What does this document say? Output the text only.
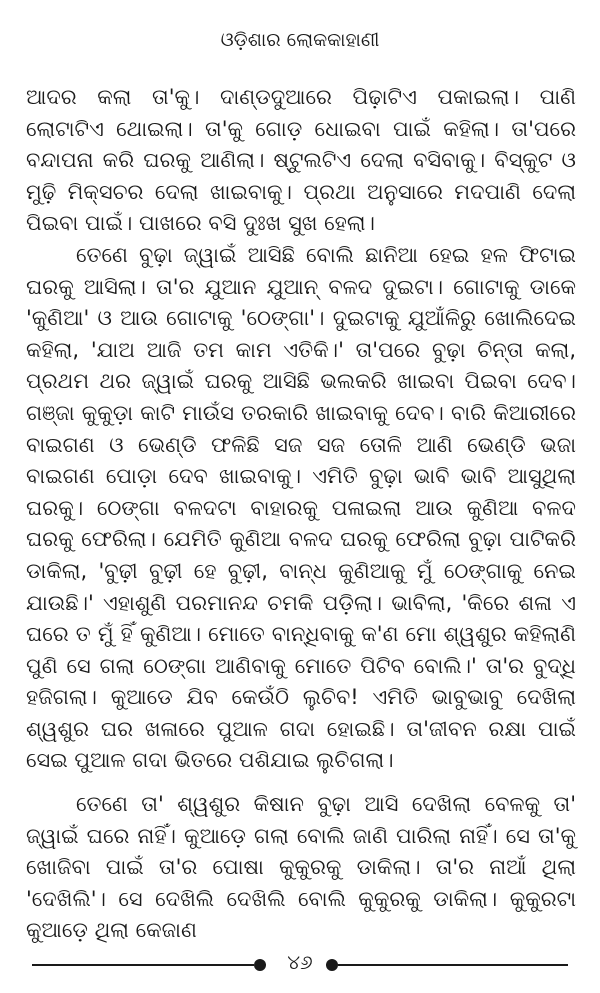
ଓଡ଼ିଶାର ଲୋକକାହାଣୀ

ଆଦର କଲା ତା'କୁ। ଦାଣ୍ଡଦୁଆରେ ପିଢ଼ାଟିଏ ପକାଇଲା। ପାଣି ଲୋଟାଟିଏ ଥୋଇଲା। ତା'କୁ ଗୋଡ଼ ଧୋଇବା ପାଇଁ କହିଲା। ତା'ପରେ ବନ୍ଦାପନା କରି ଘରକୁ ଆଣିଲା। ଷ୍ଟୁଲଟିଏ ଦେଲା ବସିବାକୁ। ବିସ୍କୁଟ ଓ ମୁଢ଼ି ମିକ୍ସଚର ଦେଲା ଖାଇବାକୁ। ପ୍ରଥା ଅନୁସାରେ ମଦପାଣି ଦେଲା ପିଇବା ପାଇଁ। ପାଖରେ ବସି ଦୁଃଖ ସୁଖ ହେଲା।

ତେଣେ ବୁଢ଼ା ଜ୍ୱାଇଁ ଆସିଛି ବୋଲି ଛାନିଆ ହେଇ ହଳ ଫିଟାଇ ଘରକୁ ଆସିଲା। ତା'ର ଯୁଆନ ଯୁଆନ୍ ବଳଦ ଦୁଇଟା। ଗୋଟାକୁ ଡାକେ 'କୁଣିଆ' ଓ ଆଉ ଗୋଟାକୁ 'ଠେଙ୍ଗା'। ଦୁଇଟାକୁ ଯୁଆଁଳିରୁ ଖୋଲିଦେଇ କହିଲା, 'ଯାଅ ଆଜି ତମ କାମ ଏତିକି।' ତା'ପରେ ବୁଢ଼ା ଚିନ୍ତା କଲା, ପ୍ରଥମ ଥର ଜ୍ୱାଇଁ ଘରକୁ ଆସିଛି ଭଲକରି ଖାଇବା ପିଇବା ଦେବ। ଗଞ୍ଜା କୁକୁଡ଼ା କାଟି ମାଉଁସ ତରକାରି ଖାଇବାକୁ ଦେବ। ବାରି କିଆରୀରେ ବାଇଗଣ ଓ ଭେଣ୍ଡି ଫଳିଛି ସଜ ସଜ ତୋଳି ଆଣି ଭେଣ୍ଡି ଭଜା ବାଇଗଣ ପୋଡ଼ା ଦେବ ଖାଇବାକୁ। ଏମିତି ବୁଢ଼ା ଭାବି ଭାବି ଆସୁଥିଲା ଘରକୁ। ଠେଙ୍ଗା ବଳଦଟା ବାହାରକୁ ପଳାଇଲା ଆଉ କୁଣିଆ ବଳଦ ଘରକୁ ଫେରିଲା। ଯେମିତି କୁଣିଆ ବଳଦ ଘରକୁ ଫେରିଲା ବୁଢ଼ା ପାଟିକରି ଡାକିଲା, 'ବୁଢ଼ୀ ବୁଢ଼ୀ ହେ ବୁଢ଼ୀ, ବାନ୍ଧ କୁଣିଆକୁ ମୁଁ ଠେଙ୍ଗାକୁ ନେଇ ଯାଉଛି।' ଏହାଶୁଣି ପରମାନନ୍ଦ ଚମକି ପଡ଼ିଲା। ଭାବିଲା, 'କିରେ ଶଳା ଏ ଘରେ ତ ମୁଁ ହିଁ କୁଣିଆ। ମୋତେ ବାନ୍ଧିବାକୁ କ'ଣ ମୋ ଶ୍ୱଶୁର କହିଲାଣି ପୁଣି ସେ ଗଲା ଠେଙ୍ଗା ଆଣିବାକୁ ମୋତେ ପିଟିବ ବୋଲି।' ତା'ର ବୁଦ୍ଧି ହଜିଗଲା। କୁଆଡେ ଯିବ କେଉଁଠି ଲୁଚିବ! ଏମିତି ଭାବୁଭାବୁ ଦେଖିଲା ଶ୍ୱଶୁର ଘର ଖଳାରେ ପୁଆଳ ଗଦା ହୋଇଛି। ତା'ଜୀବନ ରକ୍ଷା ପାଇଁ ସେଇ ପୁଆଳ ଗଦା ଭିତରେ ପଶିଯାଇ ଲୁଚିଗଲା।

ତେଣେ ତା' ଶ୍ୱଶୁର କିଷାନ ବୁଢ଼ା ଆସି ଦେଖିଲା ବେଳକୁ ତା' ଜ୍ୱାଇଁ ଘରେ ନାହିଁ। କୁଆଡ଼େ ଗଲା ବୋଲି ଜାଣି ପାରିଲା ନାହିଁ। ସେ ତା'କୁ ଖୋଜିବା ପାଇଁ ତା'ର ପୋଷା କୁକୁରକୁ ଡାକିଲା। ତା'ର ନାଆଁ ଥିଲା 'ଦେଖିଲି'। ସେ ଦେଖିଲି ଦେଖିଲି ବୋଲି କୁକୁରକୁ ଡାକିଲା। କୁକୁରଟା କୁଆଡ଼େ ଥିଲା କେଜାଣ

୪୬
